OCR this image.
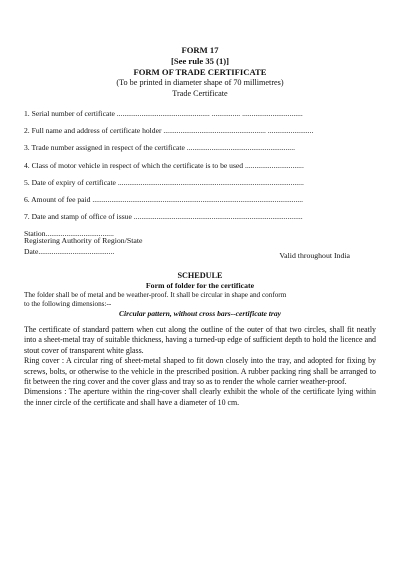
FORM 17
[See rule 35 (1)]
FORM OF TRADE CERTIFICATE
(To be printed in diameter shape of 70 millimetres)
Trade Certificate
1. Serial number of certificate ................................................. ............... ................................
2. Full name and address of certificate holder ...................................................... ........................
3. Trade number assigned in respect of the certificate .........................................................
4. Class of motor vehicle in respect of which the certificate is to be used ...............................
5. Date of expiry of certificate ..................................................................................................
6. Amount of fee paid ...............................................................................................................
7. Date and stamp of office of issue .........................................................................................
Station....................................
Date........................................
Registering Authority of Region/State
Valid throughout India
SCHEDULE
Form of folder for the certificate
The folder shall be of metal and be weather-proof. It shall be circular in shape and conform
to the following dimensions:--
Circular pattern, without cross bars--certificate tray

The certificate of standard pattern when cut along the outline of the outer of that two circles, shall fit neatly into a sheet-metal tray of suitable thickness, having a turned-up edge of sufficient depth to hold the licence and stout cover of transparent white glass.

Ring cover : A circular ring of sheet-metal shaped to fit down closely into the tray, and adopted for fixing by screws, bolts, or otherwise to the vehicle in the prescribed position. A rubber packing ring shall be arranged to fit between the ring cover and the cover glass and tray so as to render the whole carrier weather-proof.

Dimensions : The aperture within the ring-cover shall clearly exhibit the whole of the certificate lying within the inner circle of the certificate and shall have a diameter of 10 cm.
